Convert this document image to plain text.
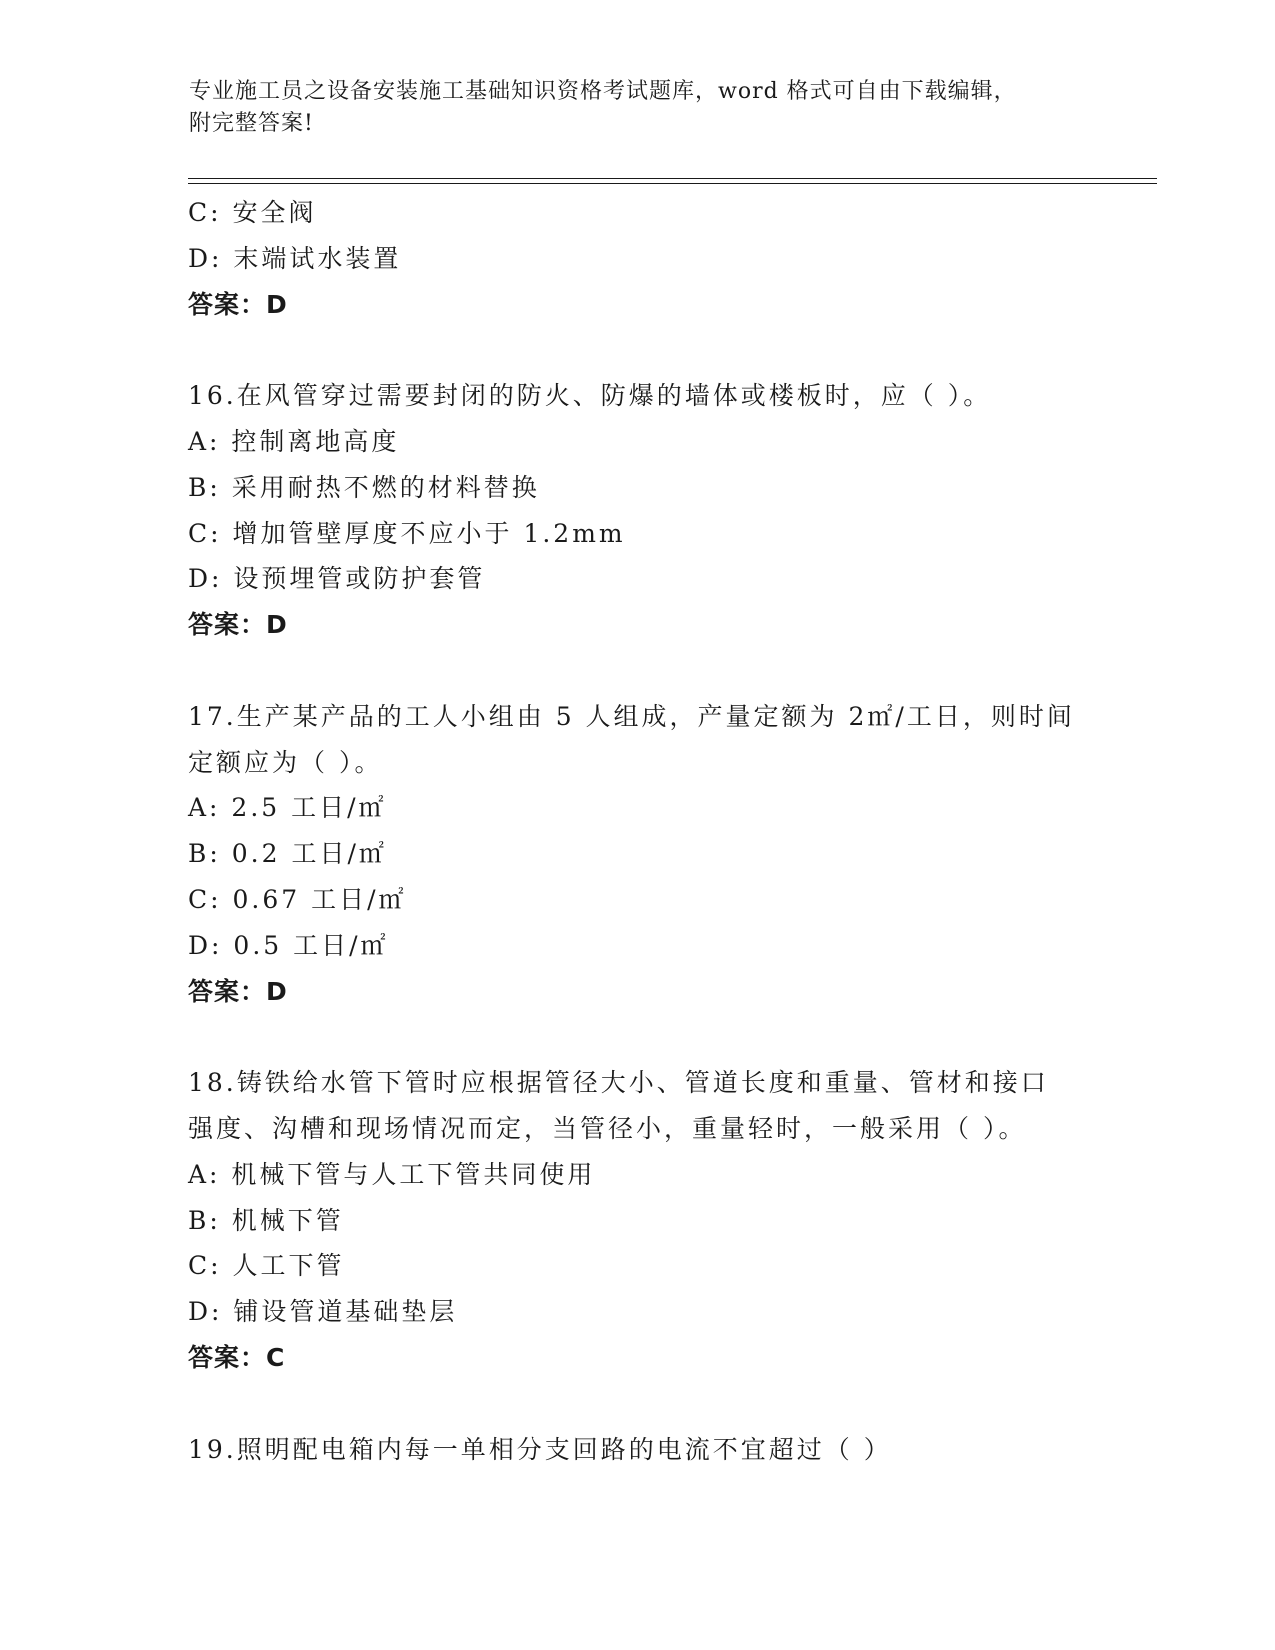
专业施工员之设备安装施工基础知识资格考试题库，word 格式可自由下载编辑，
附完整答案!
C: 安全阀
D: 末端试水装置
答案：D
16.在风管穿过需要封闭的防火、防爆的墙体或楼板时，应（ ）。
A: 控制离地高度
B: 采用耐热不燃的材料替换
C: 增加管壁厚度不应小于 1.2mm
D: 设预埋管或防护套管
答案：D
17.生产某产品的工人小组由 5 人组成，产量定额为 2㎡/工日，则时间
定额应为（ ）。
A: 2.5 工日/㎡
B: 0.2 工日/㎡
C: 0.67 工日/㎡
D: 0.5 工日/㎡
答案：D
18.铸铁给水管下管时应根据管径大小、管道长度和重量、管材和接口
强度、沟槽和现场情况而定，当管径小，重量轻时，一般采用（ ）。
A: 机械下管与人工下管共同使用
B: 机械下管
C: 人工下管
D: 铺设管道基础垫层
答案：C
19.照明配电箱内每一单相分支回路的电流不宜超过（ ）
